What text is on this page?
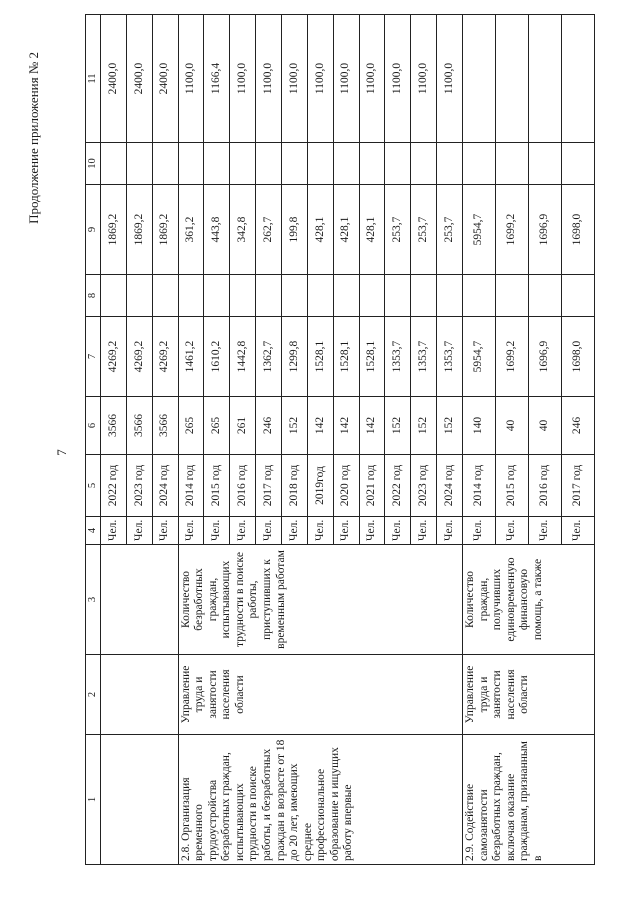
7
Продолжение приложения № 2
1	2	3	4	5	6	7	8	9	10	11
			Чел.	2022 год	3566	4269,2		1869,2		2400,0
			Чел.	2023 год	3566	4269,2		1869,2		2400,0
			Чел.	2024 год	3566	4269,2		1869,2		2400,0
2.8. Организация временного трудоустройства безработных граждан, испытывающих трудности в поиске работы, и безработных граждан в возрасте от 18 до 20 лет, имеющих среднее профессиональное образование и ищущих работу впервые	Управление труда и занятости населения области	Количество безработных граждан, испытывающих трудности в поиске работы, приступивших к временным работам	Чел.	2014 год	265	1461,2		361,2		1100,0
			Чел.	2015 год	265	1610,2		443,8		1166,4
			Чел.	2016 год	261	1442,8		342,8		1100,0
			Чел.	2017 год	246	1362,7		262,7		1100,0
			Чел.	2018 год	152	1299,8		199,8		1100,0
			Чел.	2019год	142	1528,1		428,1		1100,0
			Чел.	2020 год	142	1528,1		428,1		1100,0
			Чел.	2021 год	142	1528,1		428,1		1100,0
			Чел.	2022 год	152	1353,7		253,7		1100,0
			Чел.	2023 год	152	1353,7		253,7		1100,0
			Чел.	2024 год	152	1353,7		253,7		1100,0
2.9. Содействие самозанятости безработных граждан, включая оказание гражданам, признанным в	Управление труда и занятости населения области	Количество граждан, получивших единовременную финансовую помощь, а также	Чел.	2014 год	140	5954,7		5954,7		
			Чел.	2015 год	40	1699,2		1699,2		
			Чел.	2016 год	40	1696,9		1696,9		
			Чел.	2017 год	246	1698,0		1698,0		
